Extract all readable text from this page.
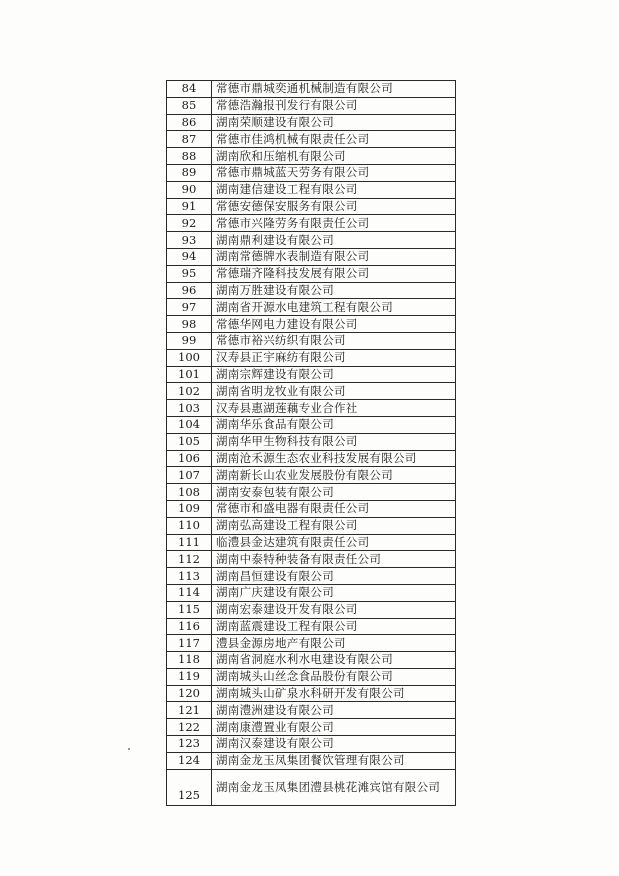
84	常德市鼎城奕通机械制造有限公司
85	常德浩瀚报刊发行有限公司
86	湖南荣顺建设有限公司
87	常德市佳鸿机械有限责任公司
88	湖南欣和压缩机有限公司
89	常德市鼎城蓝天劳务有限公司
90	湖南建信建设工程有限公司
91	常德安德保安服务有限公司
92	常德市兴隆劳务有限责任公司
93	湖南鼎利建设有限公司
94	湖南常德牌水表制造有限公司
95	常德瑞齐隆科技发展有限公司
96	湖南万胜建设有限公司
97	湖南省开源水电建筑工程有限公司
98	常德华网电力建设有限公司
99	常德市裕兴纺织有限公司
100	汉寿县正宇麻纺有限公司
101	湖南宗辉建设有限公司
102	湖南省明龙牧业有限公司
103	汉寿县惠湖莲藕专业合作社
104	湖南华乐食品有限公司
105	湖南华甲生物科技有限公司
106	湖南沧禾源生态农业科技发展有限公司
107	湖南新长山农业发展股份有限公司
108	湖南安泰包装有限公司
109	常德市和盛电器有限责任公司
110	湖南弘高建设工程有限公司
111	临澧县金达建筑有限责任公司
112	湖南中泰特种装备有限责任公司
113	湖南昌恒建设有限公司
114	湖南广庆建设有限公司
115	湖南宏泰建设开发有限公司
116	湖南蓝震建设工程有限公司
117	澧县金源房地产有限公司
118	湖南省洞庭水利水电建设有限公司
119	湖南城头山丝念食品股份有限公司
120	湖南城头山矿泉水科研开发有限公司
121	湖南澧洲建设有限公司
122	湖南康澧置业有限公司
123	湖南汉泰建设有限公司
124	湖南金龙玉凤集团餐饮管理有限公司
125	湖南金龙玉凤集团澧县桃花滩宾馆有限公司
